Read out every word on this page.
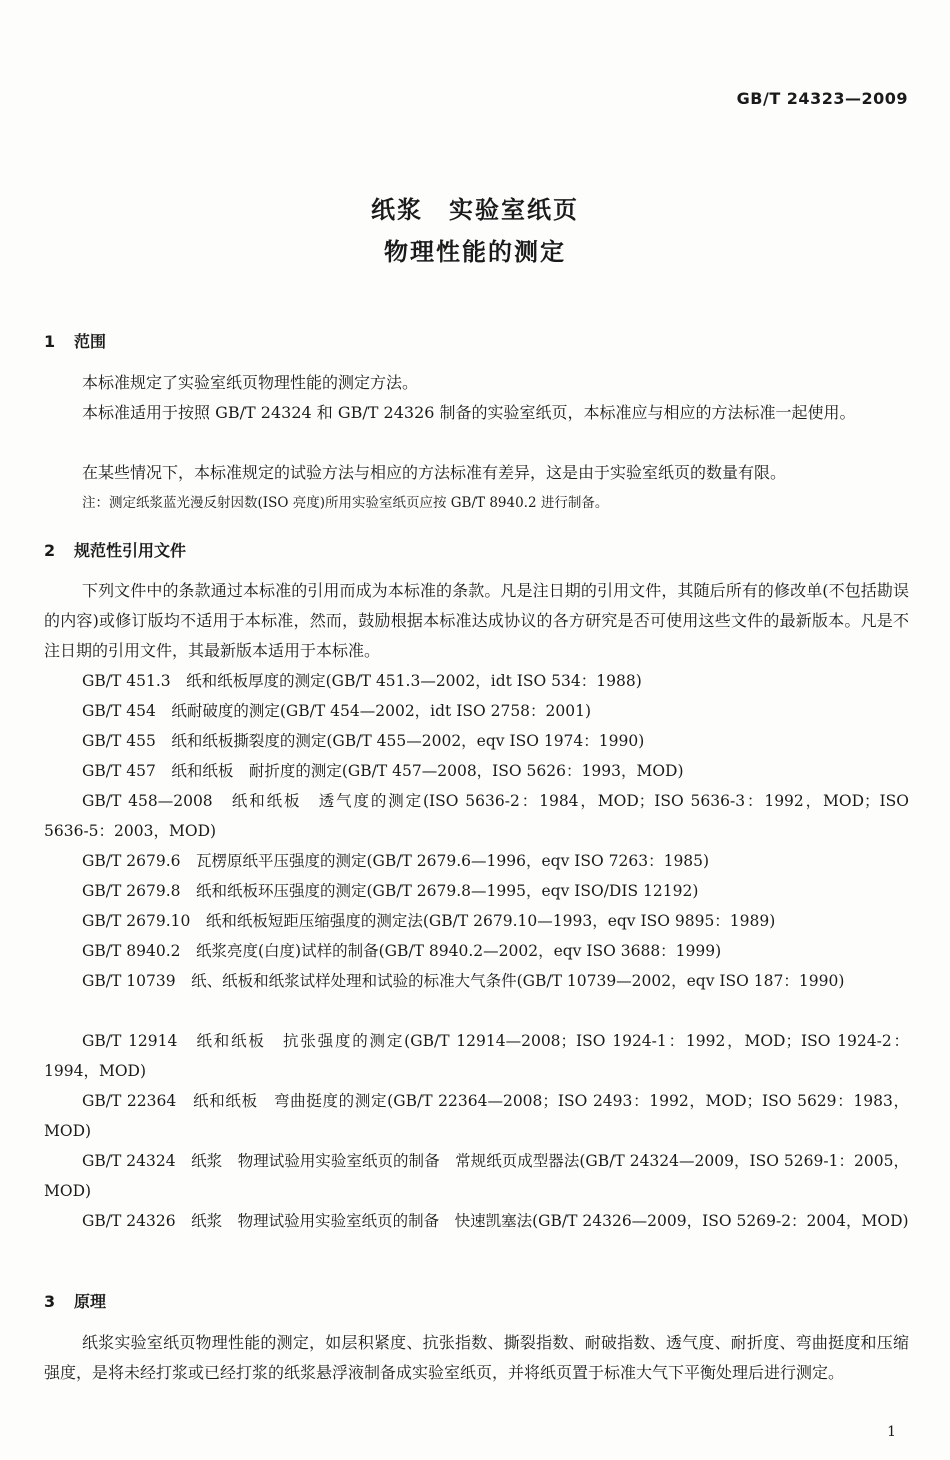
GB/T 24323—2009
纸浆　实验室纸页
物理性能的测定
1 范围
本标准规定了实验室纸页物理性能的测定方法。
本标准适用于按照 GB/T 24324 和 GB/T 24326 制备的实验室纸页，本标准应与相应的方法标准一起使用。
在某些情况下，本标准规定的试验方法与相应的方法标准有差异，这是由于实验室纸页的数量有限。
注：测定纸浆蓝光漫反射因数(ISO 亮度)所用实验室纸页应按 GB/T 8940.2 进行制备。
2 规范性引用文件
下列文件中的条款通过本标准的引用而成为本标准的条款。凡是注日期的引用文件，其随后所有的修改单(不包括勘误的内容)或修订版均不适用于本标准，然而，鼓励根据本标准达成协议的各方研究是否可使用这些文件的最新版本。凡是不注日期的引用文件，其最新版本适用于本标准。
GB/T 451.3　纸和纸板厚度的测定(GB/T 451.3—2002，idt ISO 534：1988)
GB/T 454　纸耐破度的测定(GB/T 454—2002，idt ISO 2758：2001)
GB/T 455　纸和纸板撕裂度的测定(GB/T 455—2002，eqv ISO 1974：1990)
GB/T 457　纸和纸板　耐折度的测定(GB/T 457—2008，ISO 5626：1993，MOD)
GB/T 458—2008　纸和纸板　透气度的测定(ISO 5636-2：1984，MOD；ISO 5636-3：1992，MOD；ISO 5636-5：2003，MOD)
GB/T 2679.6　瓦楞原纸平压强度的测定(GB/T 2679.6—1996，eqv ISO 7263：1985)
GB/T 2679.8　纸和纸板环压强度的测定(GB/T 2679.8—1995，eqv ISO/DIS 12192)
GB/T 2679.10　纸和纸板短距压缩强度的测定法(GB/T 2679.10—1993，eqv ISO 9895：1989)
GB/T 8940.2　纸浆亮度(白度)试样的制备(GB/T 8940.2—2002，eqv ISO 3688：1999)
GB/T 10739　纸、纸板和纸浆试样处理和试验的标准大气条件(GB/T 10739—2002，eqv ISO 187：1990)
GB/T 12914　纸和纸板　抗张强度的测定(GB/T 12914—2008；ISO 1924-1：1992，MOD；ISO 1924-2：1994，MOD)
GB/T 22364　纸和纸板　弯曲挺度的测定(GB/T 22364—2008；ISO 2493：1992，MOD；ISO 5629：1983，MOD)
GB/T 24324　纸浆　物理试验用实验室纸页的制备　常规纸页成型器法(GB/T 24324—2009，ISO 5269-1：2005，MOD)
GB/T 24326　纸浆　物理试验用实验室纸页的制备　快速凯塞法(GB/T 24326—2009，ISO 5269-2：2004，MOD)
3 原理
纸浆实验室纸页物理性能的测定，如层积紧度、抗张指数、撕裂指数、耐破指数、透气度、耐折度、弯曲挺度和压缩强度，是将未经打浆或已经打浆的纸浆悬浮液制备成实验室纸页，并将纸页置于标准大气下平衡处理后进行测定。
1
